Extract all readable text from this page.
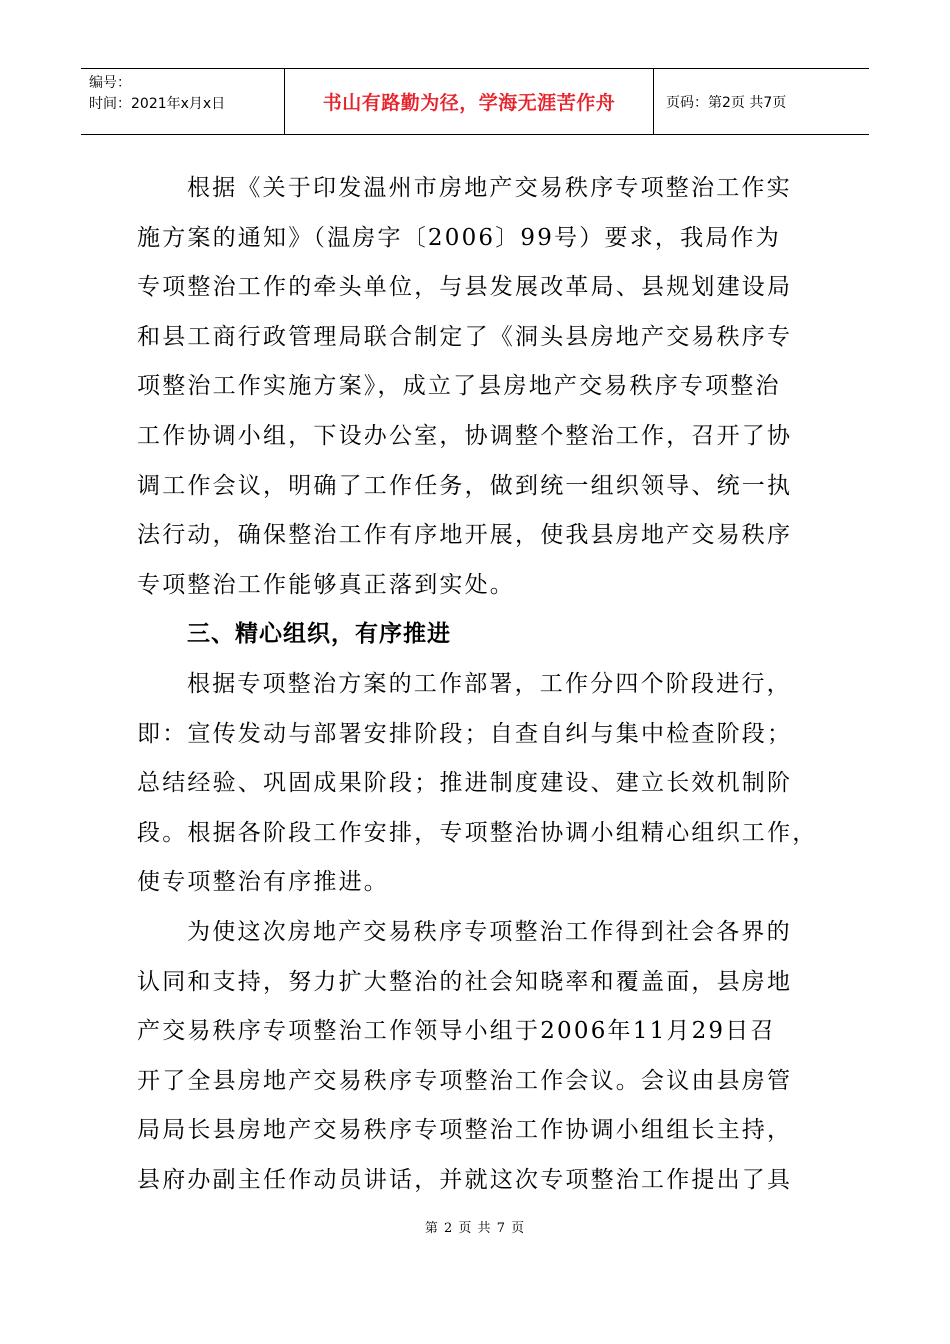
编号：
时间：2021年x月x日	书山有路勤为径，学海无涯苦作舟	页码：第2页 共7页
根据《关于印发温州市房地产交易秩序专项整治工作实
施方案的通知》（温房字〔2006〕99号）要求，我局作为
专项整治工作的牵头单位，与县发展改革局、县规划建设局
和县工商行政管理局联合制定了《洞头县房地产交易秩序专
项整治工作实施方案》，成立了县房地产交易秩序专项整治
工作协调小组，下设办公室，协调整个整治工作，召开了协
调工作会议，明确了工作任务，做到统一组织领导、统一执
法行动，确保整治工作有序地开展，使我县房地产交易秩序
专项整治工作能够真正落到实处。
三、精心组织，有序推进
根据专项整治方案的工作部署，工作分四个阶段进行，
即：宣传发动与部署安排阶段；自查自纠与集中检查阶段；
总结经验、巩固成果阶段；推进制度建设、建立长效机制阶
段。根据各阶段工作安排，专项整治协调小组精心组织工作，
使专项整治有序推进。
为使这次房地产交易秩序专项整治工作得到社会各界的
认同和支持，努力扩大整治的社会知晓率和覆盖面，县房地
产交易秩序专项整治工作领导小组于2006年11月29日召
开了全县房地产交易秩序专项整治工作会议。会议由县房管
局局长县房地产交易秩序专项整治工作协调小组组长主持，
县府办副主任作动员讲话，并就这次专项整治工作提出了具
第 2 页 共 7 页
